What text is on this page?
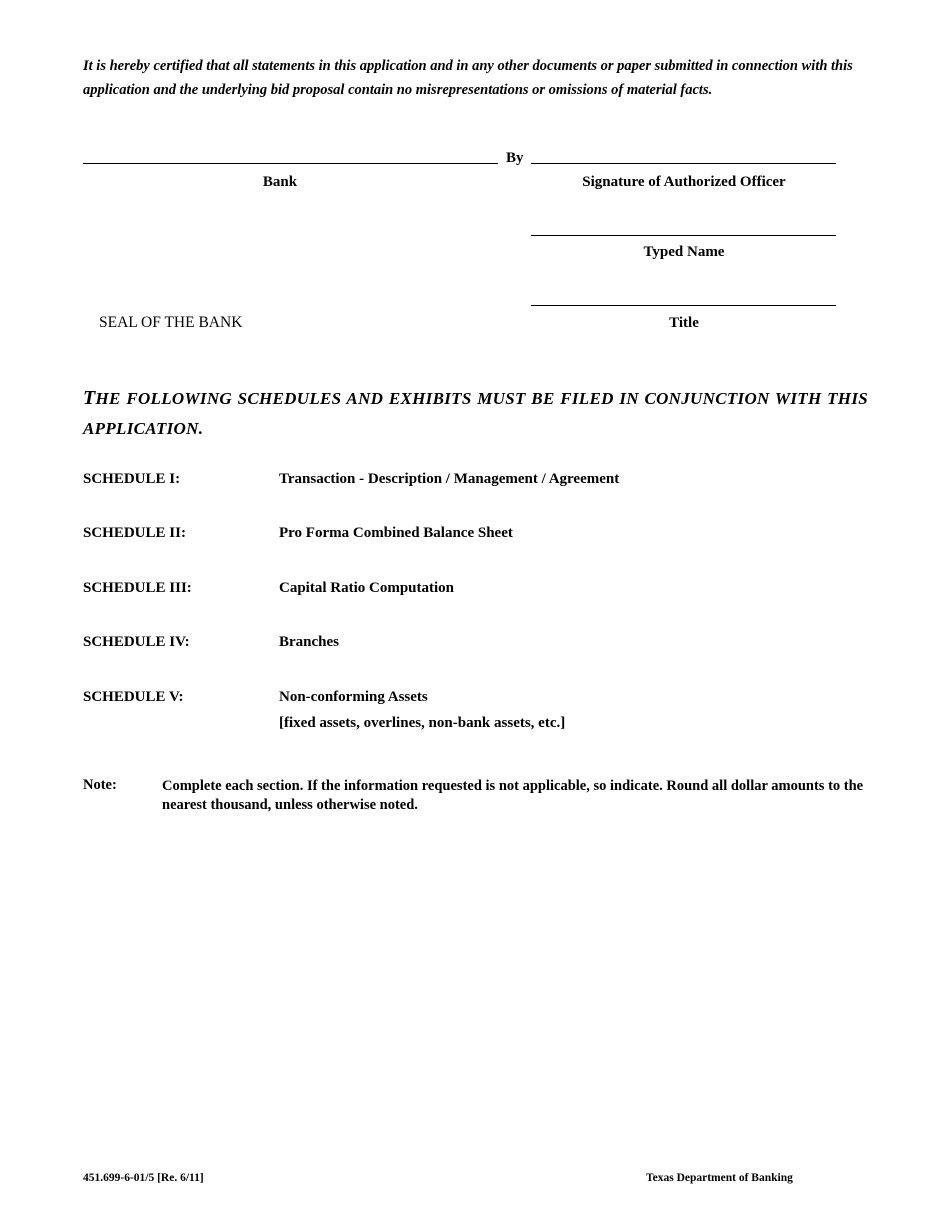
It is hereby certified that all statements in this application and in any other documents or paper submitted in connection with this application and the underlying bid proposal contain no misrepresentations or omissions of material facts.
By
Bank	Signature of Authorized Officer
Typed Name
Title
SEAL OF THE BANK
THE FOLLOWING SCHEDULES AND EXHIBITS MUST BE FILED IN CONJUNCTION WITH THIS APPLICATION.
SCHEDULE I:	Transaction - Description / Management / Agreement
SCHEDULE II:	Pro Forma Combined Balance Sheet
SCHEDULE III:	Capital Ratio Computation
SCHEDULE IV:	Branches
SCHEDULE V:	Non-conforming Assets
[fixed assets, overlines, non-bank assets, etc.]
Note:	Complete each section. If the information requested is not applicable, so indicate. Round all dollar amounts to the nearest thousand, unless otherwise noted.
451.699-6-01/5 [Re. 6/11]	Texas Department of Banking
